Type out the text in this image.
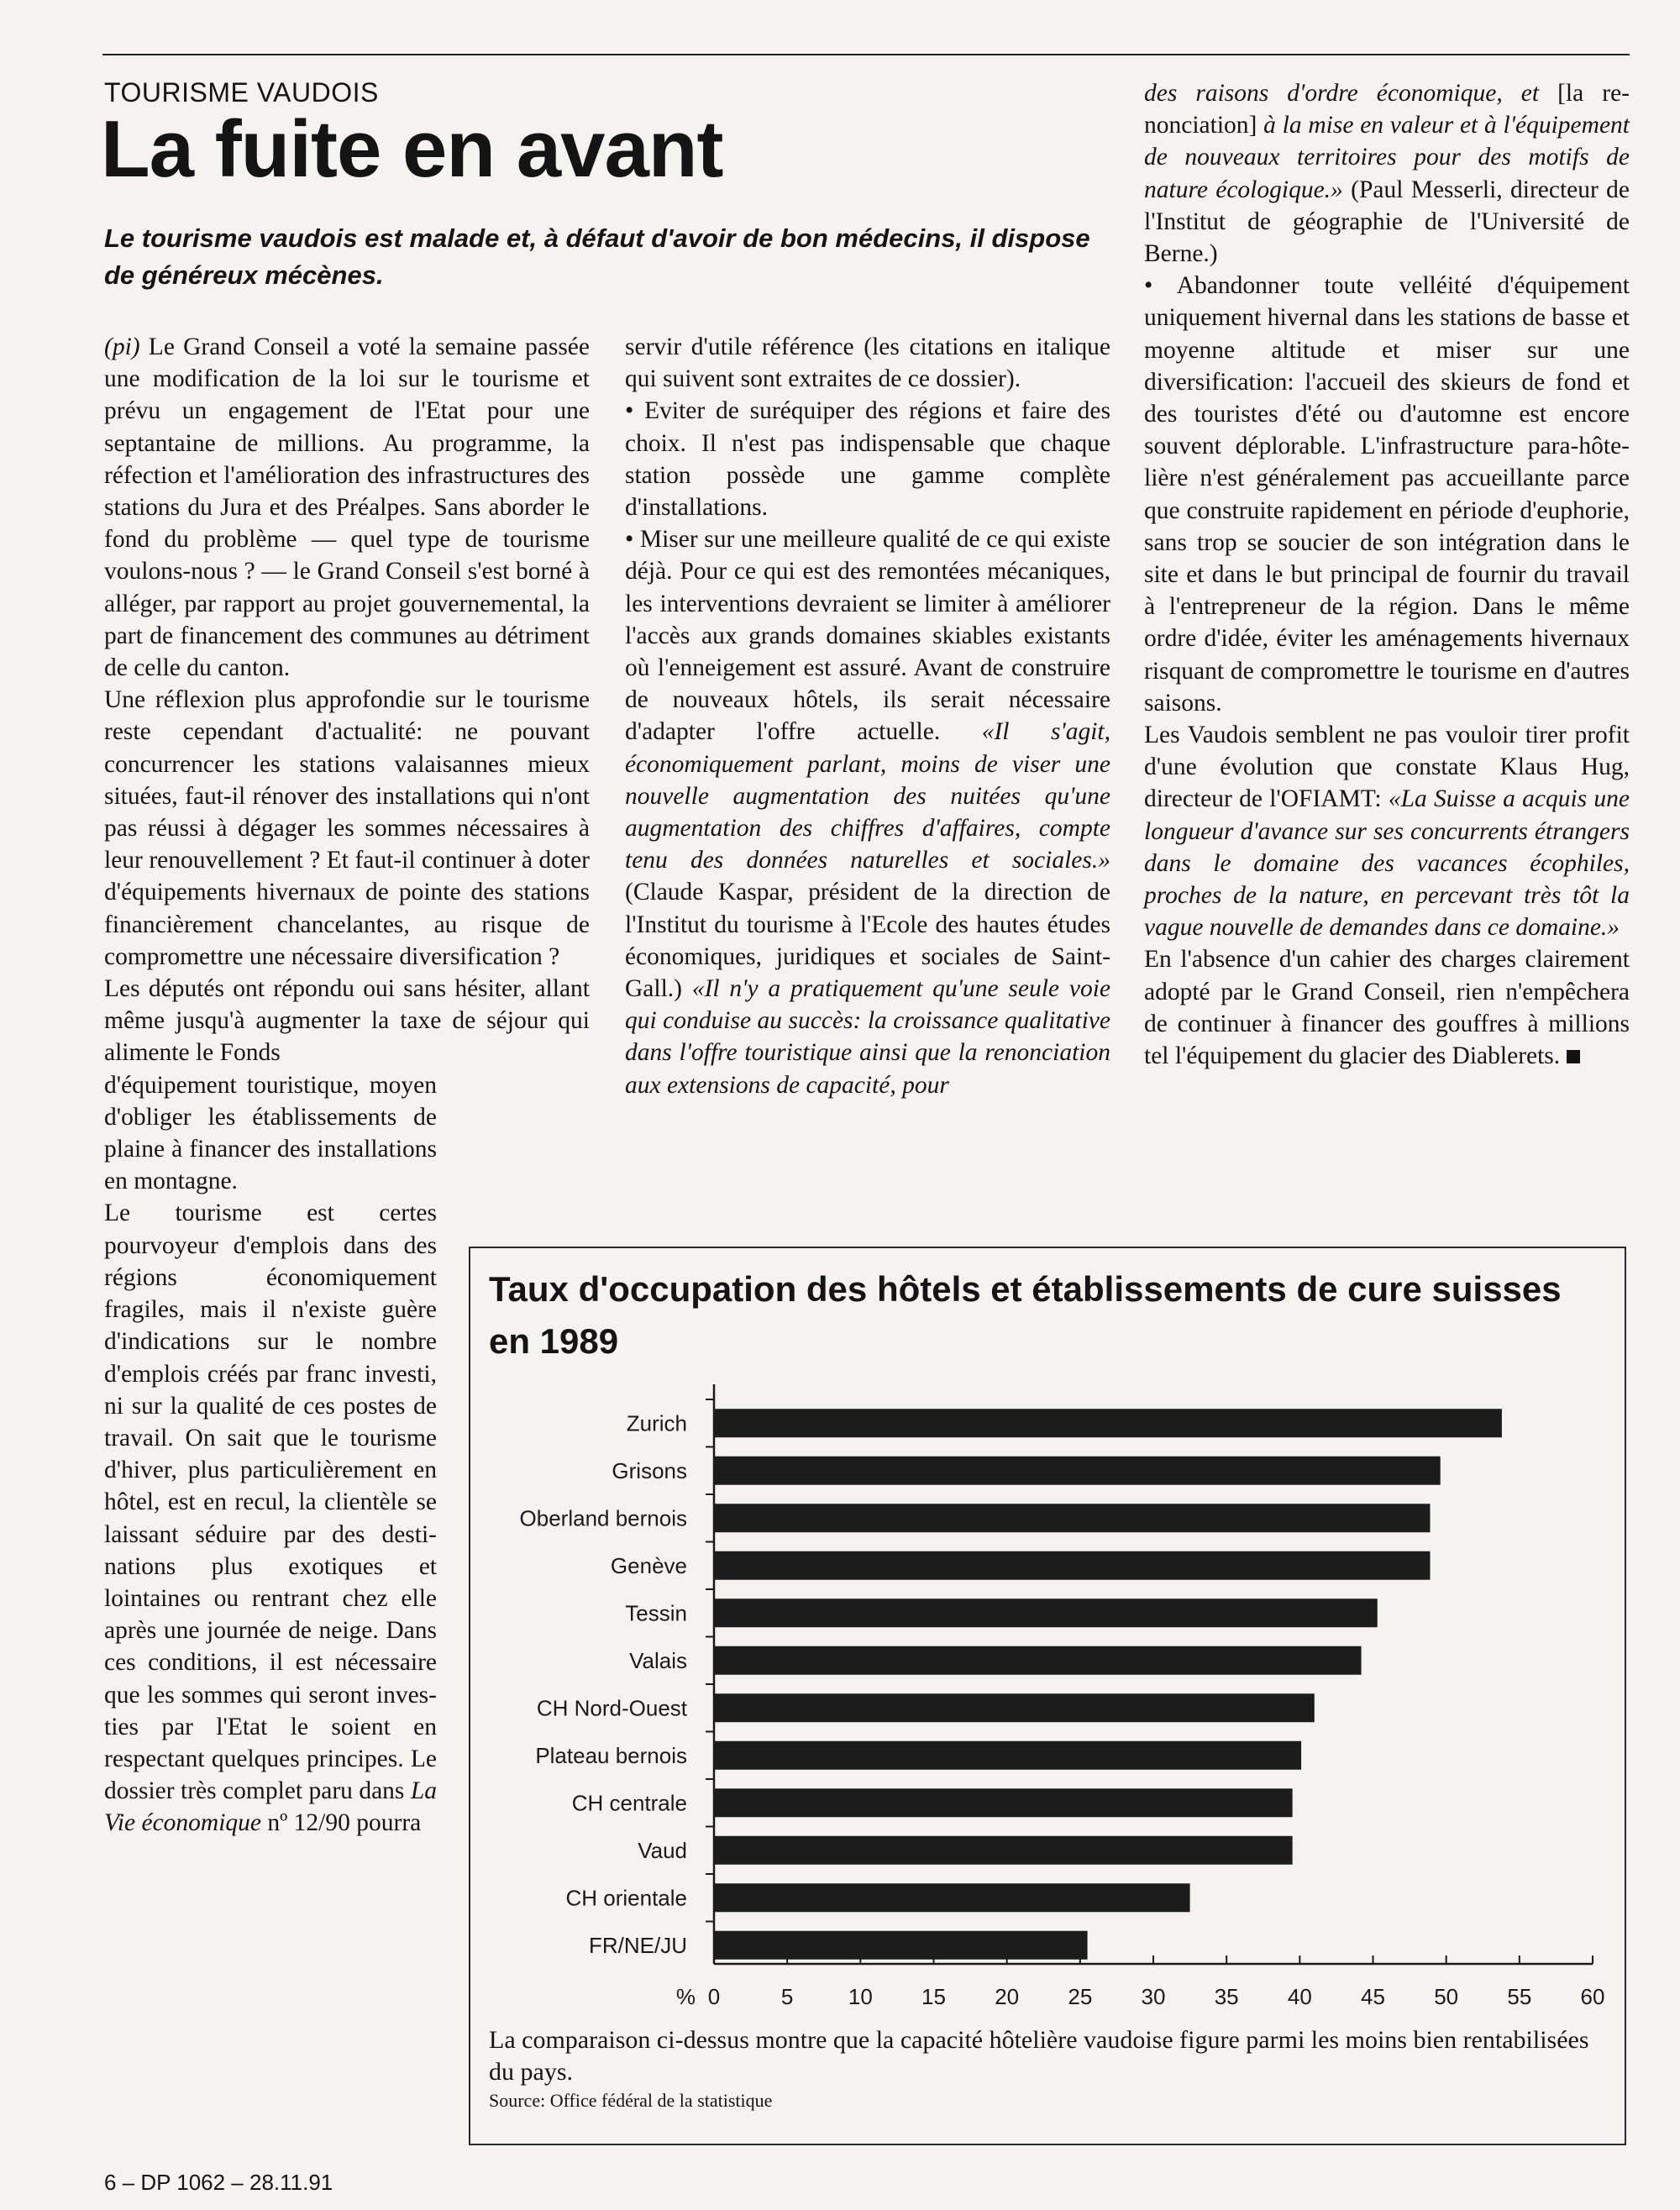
TOURISME VAUDOIS
La fuite en avant

Le tourisme vaudois est malade et, à défaut d'avoir de bon médecins, il dispose de généreux mécènes.

(pi) Le Grand Conseil a voté la semaine passée une modification de la loi sur le tourisme et prévu un engagement de l'Etat pour une septantaine de millions. Au programme, la réfection et l'amélioration des infrastructures des stations du Jura et des Préalpes. Sans aborder le fond du problème — quel type de tourisme voulons-nous ? — le Grand Conseil s'est borné à alléger, par rapport au projet gouvernemental, la part de financement des communes au détriment de celle du canton.

Une réflexion plus approfondie sur le tourisme reste cependant d'actualité: ne pouvant concurrencer les stations valaisannes mieux situées, faut-il rénover des installations qui n'ont pas réussi à dégager les sommes nécessaires à leur renouvellement ? Et faut-il continuer à doter d'équipements hivernaux de pointe des stations financièrement chancelantes, au risque de compromettre une nécessaire diversification ?

Les députés ont répondu oui sans hésiter, allant même jusqu'à augmenter la taxe de séjour qui alimente le Fonds

d'équipement touristique, moyen d'obliger les établissements de plaine à financer des installations en montagne.

Le tourisme est certes pourvoyeur d'emplois dans des régions économiquement fragiles, mais il n'existe guère d'indications sur le nombre d'emplois créés par franc investi, ni sur la qualité de ces postes de travail. On sait que le tourisme d'hiver, plus particulièrement en hôtel, est en recul, la clientèle se laissant séduire par des destinations plus exotiques et lointaines ou rentrant chez elle après une journée de neige. Dans ces conditions, il est nécessaire que les sommes qui seront investies par l'Etat le soient en respectant quelques principes. Le dossier très complet paru dans La Vie économique nº 12/90 pourra

servir d'utile référence (les citations en italique qui suivent sont extraites de ce dossier).

• Eviter de suréquiper des régions et faire des choix. Il n'est pas indispensable que chaque station possède une gamme complète d'installations.

• Miser sur une meilleure qualité de ce qui existe déjà. Pour ce qui est des remontées mécaniques, les interventions devraient se limiter à améliorer l'accès aux grands domaines skiables existants où l'enneigement est assuré. Avant de construire de nouveaux hôtels, ils serait nécessaire d'adapter l'offre actuelle. «Il s'agit, économiquement parlant, moins de viser une nouvelle augmentation des nuitées qu'une augmentation des chiffres d'affaires, compte tenu des données naturelles et sociales.» (Claude Kaspar, président de la direction de l'Institut du tourisme à l'Ecole des hautes études économiques, juridiques et sociales de Saint-Gall.) «Il n'y a pratiquement qu'une seule voie qui conduise au succès: la croissance qualitative dans l'offre touristique ainsi que la renonciation aux extensions de capacité, pour

des raisons d'ordre économique, et [la renonciation] à la mise en valeur et à l'équipement de nouveaux territoires pour des motifs de nature écologique.» (Paul Messerli, directeur de l'Institut de géographie de l'Université de Berne.)

• Abandonner toute velléité d'équipement uniquement hivernal dans les stations de basse et moyenne altitude et miser sur une diversification: l'accueil des skieurs de fond et des touristes d'été ou d'automne est encore souvent déplorable. L'infrastructure para-hôtelière n'est généralement pas accueillante parce que construite rapidement en période d'euphorie, sans trop se soucier de son intégration dans le site et dans le but principal de fournir du travail à l'entrepreneur de la région. Dans le même ordre d'idée, éviter les aménagements hivernaux risquant de compromettre le tourisme en d'autres saisons.

Les Vaudois semblent ne pas vouloir tirer profit d'une évolution que constate Klaus Hug, directeur de l'OFIAMT: «La Suisse a acquis une longueur d'avance sur ses concurrents étrangers dans le domaine des vacances écophiles, proches de la nature, en percevant très tôt la vague nouvelle de demandes dans ce domaine.»

En l'absence d'un cahier des charges clairement adopté par le Grand Conseil, rien n'empêchera de continuer à financer des gouffres à millions tel l'équipement du glacier des Diablerets.

Taux d'occupation des hôtels et établissements de cure suisses en 1989
Zurich
Grisons
Oberland bernois
Genève
Tessin
Valais
CH Nord-Ouest
Plateau bernois
CH centrale
Vaud
CH orientale
FR/NE/JU
0	5	10 15 20 25 30 35 40 45 50 55 60
%

La comparaison ci-dessus montre que la capacité hôtelière vaudoise figure parmi les moins bien rentabilisées du pays.

Source: Office fédéral de la statistique

6 – DP 1062 – 28.11.91
